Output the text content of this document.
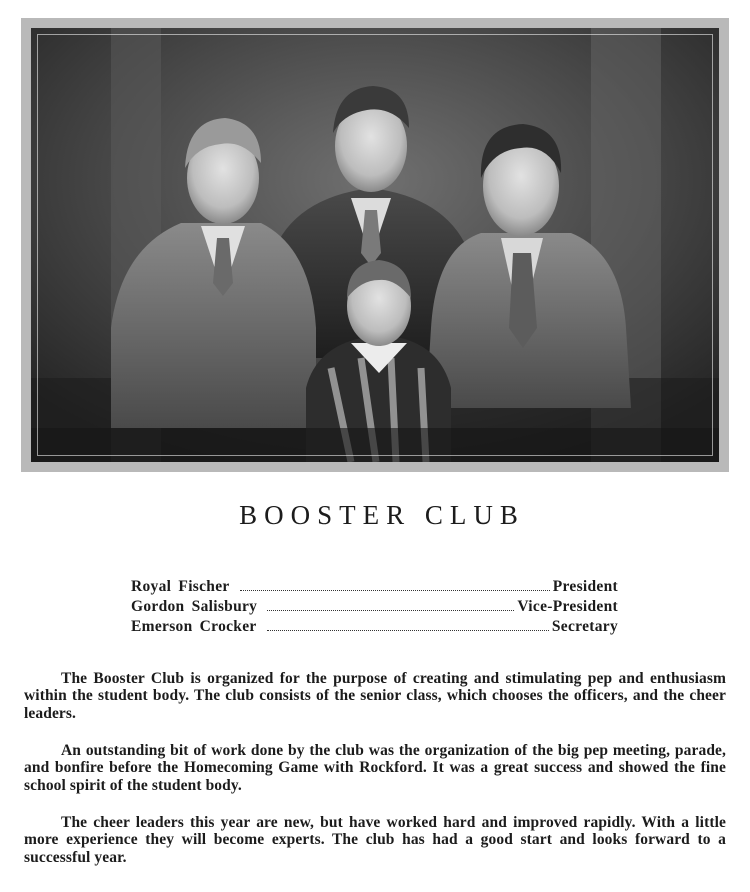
BOOSTER CLUB
Royal Fischer	President
Gordon Salisbury	Vice-President
Emerson Crocker	Secretary

The Booster Club is organized for the purpose of creating and stimulating pep and enthusiasm within the student body. The club consists of the senior class, which chooses the officers, and the cheer leaders.

An outstanding bit of work done by the club was the organization of the big pep meeting, parade, and bonfire before the Homecoming Game with Rockford. It was a great success and showed the fine school spirit of the student body.

The cheer leaders this year are new, but have worked hard and improved rapidly. With a little more experience they will become experts. The club has had a good start and looks forward to a successful year.
